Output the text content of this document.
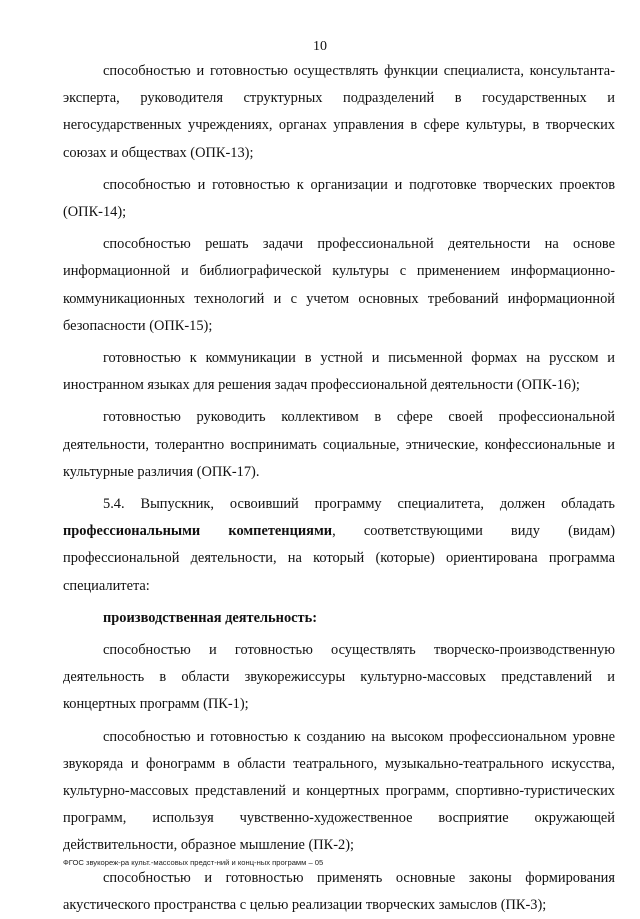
10

способностью и готовностью осуществлять функции специалиста, консультанта-эксперта, руководителя структурных подразделений в государственных и негосударственных учреждениях, органах управления в сфере культуры, в творческих союзах и обществах (ОПК-13);

способностью и готовностью к организации и подготовке творческих проектов (ОПК-14);

способностью решать задачи профессиональной деятельности на основе информационной и библиографической культуры с применением информационно-коммуникационных технологий и с учетом основных требований информационной безопасности (ОПК-15);

готовностью к коммуникации в устной и письменной формах на русском и иностранном языках для решения задач профессиональной деятельности (ОПК-16);

готовностью руководить коллективом в сфере своей профессиональной деятельности, толерантно воспринимать социальные, этнические, конфессиональные и культурные различия (ОПК-17).

5.4. Выпускник, освоивший программу специалитета, должен обладать профессиональными компетенциями, соответствующими виду (видам) профессиональной деятельности, на который (которые) ориентирована программа специалитета:

производственная деятельность:

способностью и готовностью осуществлять творческо-производственную деятельность в области звукорежиссуры культурно-массовых представлений и концертных программ (ПК-1);

способностью и готовностью к созданию на высоком профессиональном уровне звукоряда и фонограмм в области театрального, музыкально-театрального искусства, культурно-массовых представлений и концертных программ, спортивно-туристических программ, используя чувственно-художественное восприятие окружающей действительности, образное мышление (ПК-2);

способностью и готовностью применять основные законы формирования акустического пространства с целью реализации творческих замыслов (ПК-3);

ФГОС звукореж-ра культ.-массовых предст-ний и конц-ных программ – 05
